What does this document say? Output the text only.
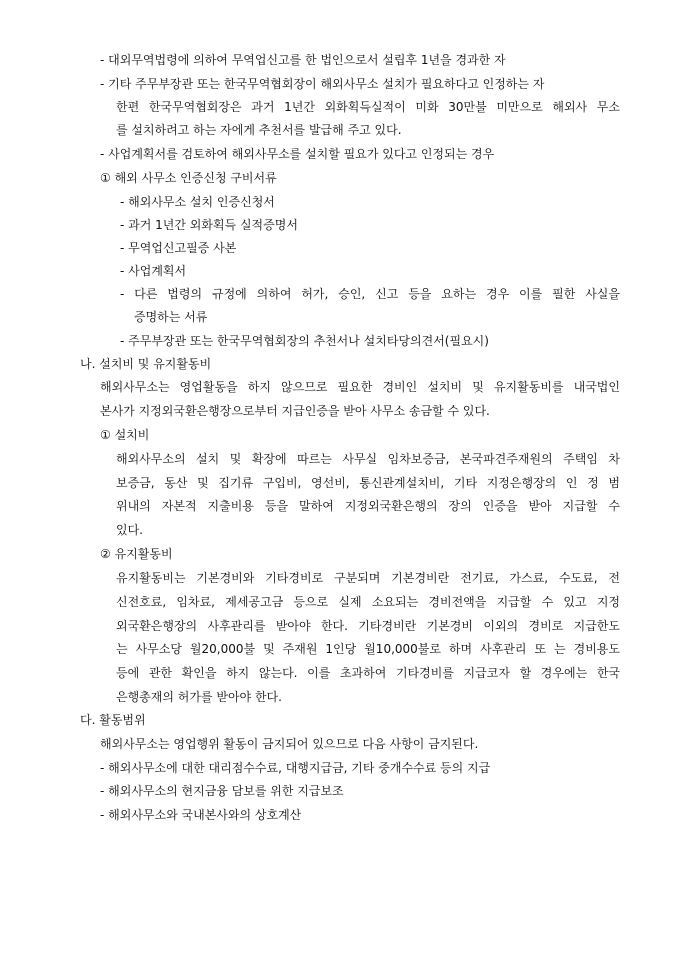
- 대외무역법령에 의하여 무역업신고를 한 법인으로서 설립후 1년을 경과한 자
- 기타 주무부장관 또는 한국무역협회장이 해외사무소 설치가 필요하다고 인정하는 자
한편 한국무역협회장은 과거 1년간 외화획득실적이 미화 30만불 미만으로 해외사 무소
를 설치하려고 하는 자에게 추천서를 발급해 주고 있다.
- 사업계획서를 검토하여 해외사무소를 설치할 필요가 있다고 인정되는 경우
① 해외 사무소 인증신청 구비서류
- 해외사무소 설치 인증신청서
- 과거 1년간 외화획득 실적증명서
- 무역업신고필증 사본
- 사업계획서
- 다른 법령의 규정에 의하여 허가, 승인, 신고 등을 요하는 경우 이를 필한 사실을
증명하는 서류
- 주무부장관 또는 한국무역협회장의 추천서나 설치타당의견서(필요시)
나. 설치비 및 유지활동비
해외사무소는 영업활동을 하지 않으므로 필요한 경비인 설치비 및 유지활동비를 내국법인
본사가 지정외국환은행장으로부터 지급인증을 받아 사무소 송금할 수 있다.
① 설치비
해외사무소의 설치 및 확장에 따르는 사무실 임차보증금, 본국파견주재원의 주택임 차
보증금, 동산 및 집기류 구입비, 영선비, 통신관계설치비, 기타 지정은행장의 인 정 범
위내의 자본적 지출비용 등을 말하여 지정외국환은행의 장의 인증을 받아 지급할 수
있다.
② 유지활동비
유지활동비는 기본경비와 기타경비로 구분되며 기본경비란 전기료, 가스료, 수도료, 전
신전호료, 임차료, 제세공고금 등으로 실제 소요되는 경비전액을 지급할 수 있고 지정
외국환은행장의 사후관리를 받아야 한다. 기타경비란 기본경비 이외의 경비로 지급한도
는 사무소당 월20,000불 및 주재원 1인당 월10,000불로 하며 사후관리 또 는 경비용도
등에 관한 확인을 하지 않는다. 이를 초과하여 기타경비를 지급코자 할 경우에는 한국
은행총재의 허가를 받아야 한다.
다. 활동범위
해외사무소는 영업행위 활동이 금지되어 있으므로 다음 사항이 금지된다.
- 해외사무소에 대한 대리점수수료, 대행지급금, 기타 중개수수료 등의 지급
- 해외사무소의 현지금융 담보를 위한 지급보조
- 해외사무소와 국내본사와의 상호계산
